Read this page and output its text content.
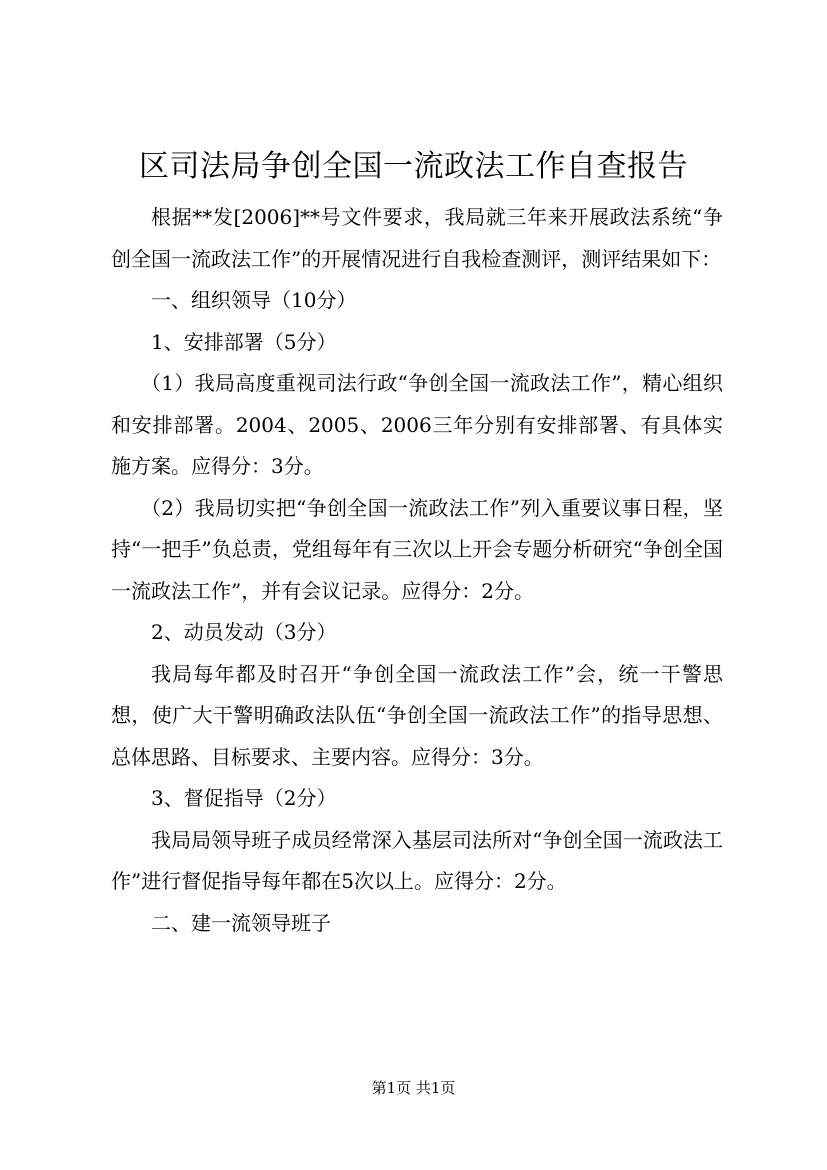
区司法局争创全国一流政法工作自查报告

根据**发[2006]**号文件要求，我局就三年来开展政法系统“争创全国一流政法工作”的开展情况进行自我检查测评，测评结果如下：

一、组织领导（10分）

1、安排部署（5分）

（1）我局高度重视司法行政“争创全国一流政法工作”，精心组织和安排部署。2004、2005、2006三年分别有安排部署、有具体实施方案。应得分：3分。

（2）我局切实把“争创全国一流政法工作”列入重要议事日程，坚持“一把手”负总责，党组每年有三次以上开会专题分析研究“争创全国一流政法工作”，并有会议记录。应得分：2分。

2、动员发动（3分）

我局每年都及时召开“争创全国一流政法工作”会，统一干警思想，使广大干警明确政法队伍“争创全国一流政法工作”的指导思想、总体思路、目标要求、主要内容。应得分：3分。

3、督促指导（2分）

我局局领导班子成员经常深入基层司法所对“争创全国一流政法工作”进行督促指导每年都在5次以上。应得分：2分。

二、建一流领导班子

第1页 共1页
